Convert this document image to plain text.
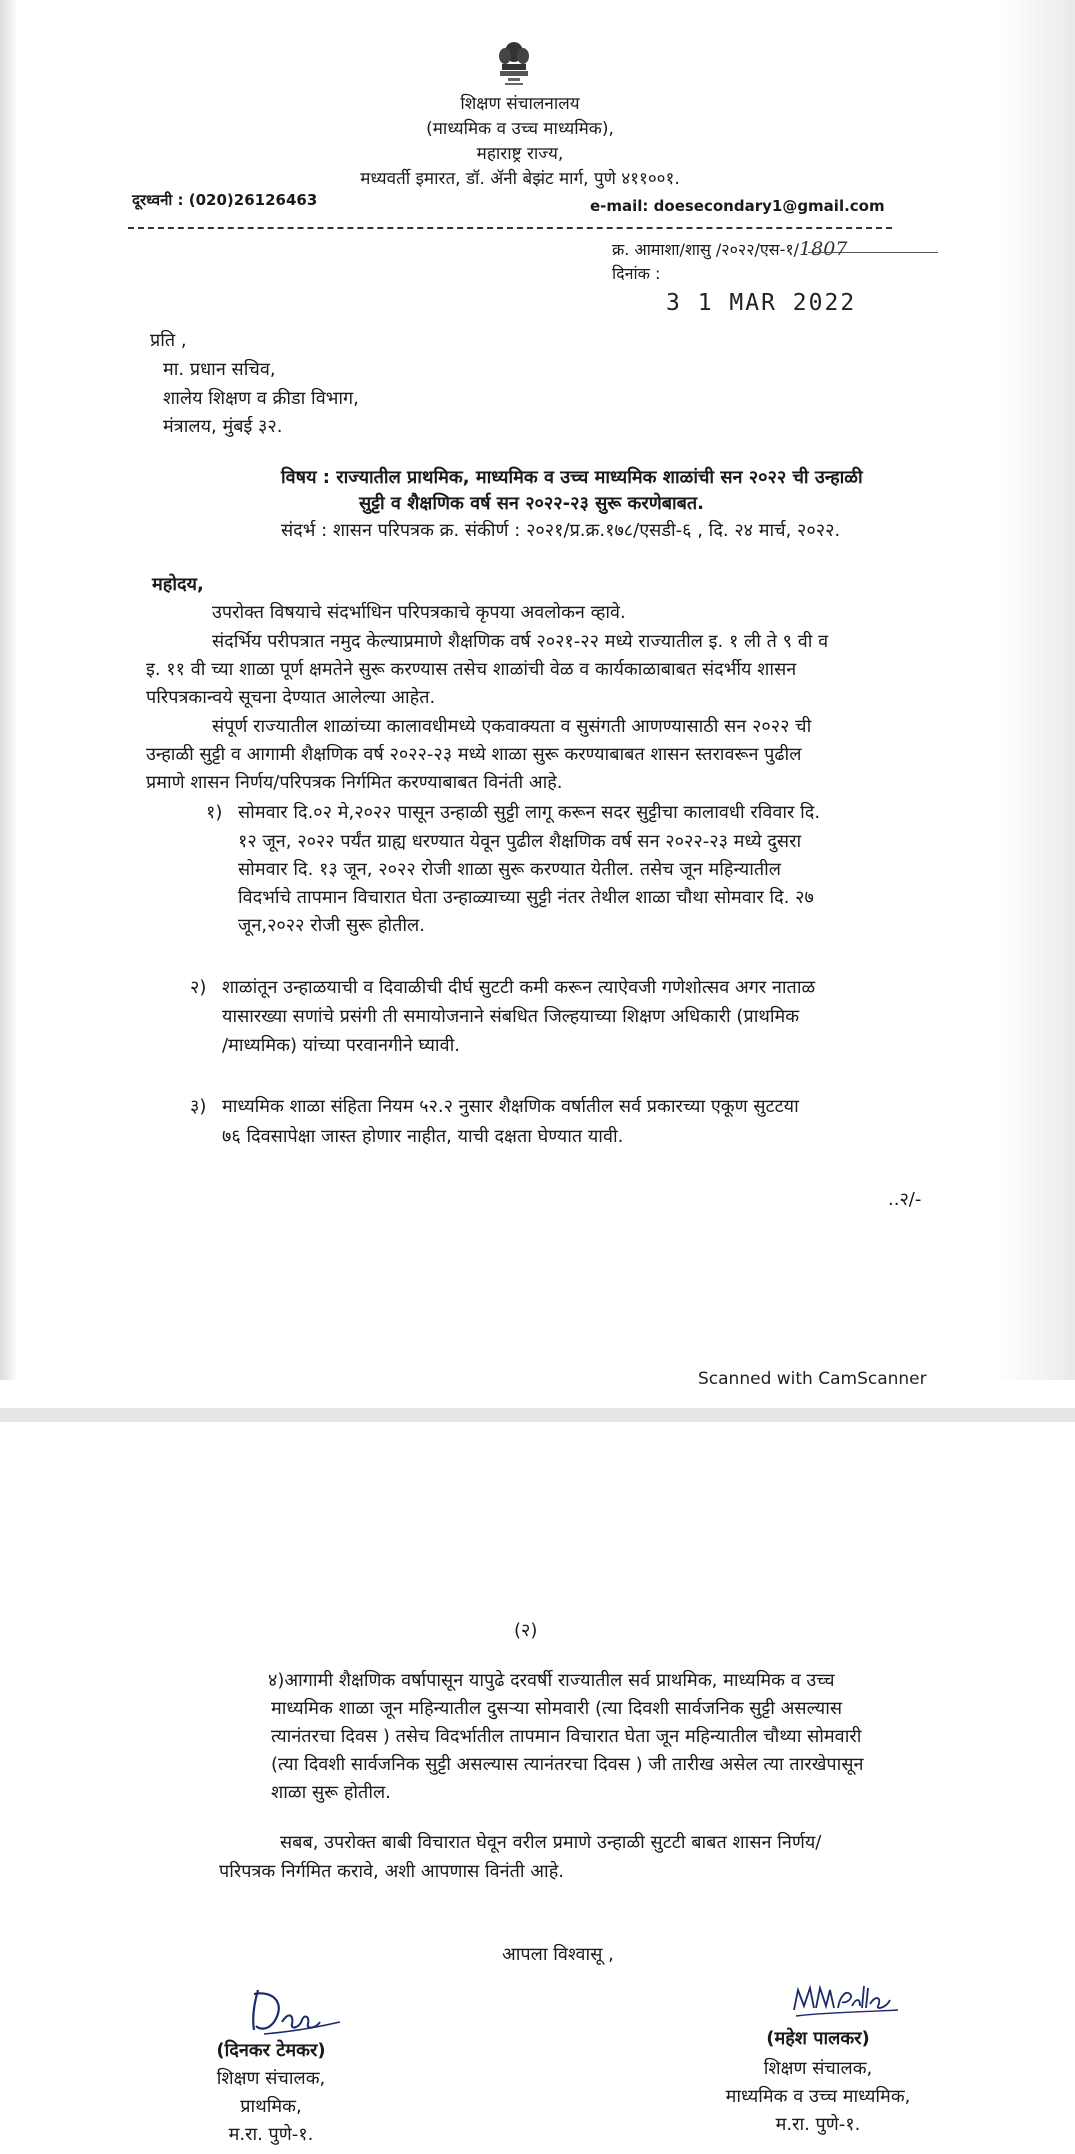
शिक्षण संचालनालय
(माध्यमिक व उच्च माध्यमिक),
महाराष्ट्र राज्य,
मध्यवर्ती इमारत, डॉ. ॲनी बेझंट मार्ग, पुणे ४११००१.
दूरध्वनी : (020)26126463	e-mail: doesecondary1@gmail.com
क्र. आमाशा/शासु /२०२२/एस-१/1807
दिनांक :
3 1 MAR 2022
प्रति ,
मा. प्रधान सचिव,
शालेय शिक्षण व क्रीडा विभाग,
मंत्रालय, मुंबई ३२.
विषय : राज्यातील प्राथमिक, माध्यमिक व उच्च माध्यमिक शाळांची सन २०२२ ची उन्हाळी
सुट्टी व शैक्षणिक वर्ष सन २०२२-२३ सुरू करणेबाबत.
संदर्भ : शासन परिपत्रक क्र. संकीर्ण : २०२१/प्र.क्र.१७८/एसडी-६ , दि. २४ मार्च, २०२२.
महोदय,
उपरोक्त विषयाचे संदर्भाधिन परिपत्रकाचे कृपया अवलोकन व्हावे.
संदर्भिय परीपत्रात नमुद केल्याप्रमाणे शैक्षणिक वर्ष २०२१-२२ मध्ये राज्यातील इ. १ ली ते ९ वी व
इ. ११ वी च्या शाळा पूर्ण क्षमतेने सुरू करण्यास तसेच शाळांची वेळ व कार्यकाळाबाबत संदर्भीय शासन
परिपत्रकान्वये सूचना देण्यात आलेल्या आहेत.
संपूर्ण राज्यातील शाळांच्या कालावधीमध्ये एकवाक्यता व सुसंगती आणण्यासाठी सन २०२२ ची
उन्हाळी सुट्टी व आगामी शैक्षणिक वर्ष २०२२-२३ मध्ये शाळा सुरू करण्याबाबत शासन स्तरावरून पुढील
प्रमाणे शासन निर्णय/परिपत्रक निर्गमित करण्याबाबत विनंती आहे.
१) सोमवार दि.०२ मे,२०२२ पासून उन्हाळी सुट्टी लागू करून सदर सुट्टीचा कालावधी रविवार दि.
१२ जून, २०२२ पर्यंत ग्राह्य धरण्यात येवून पुढील शैक्षणिक वर्ष सन २०२२-२३ मध्ये दुसरा
सोमवार दि. १३ जून, २०२२ रोजी शाळा सुरू करण्यात येतील. तसेच जून महिन्यातील
विदर्भाचे तापमान विचारात घेता उन्हाळ्याच्या सुट्टी नंतर तेथील शाळा चौथा सोमवार दि. २७
जून,२०२२ रोजी सुरू होतील.
२) शाळांतून उन्हाळयाची व दिवाळीची दीर्घ सुटटी कमी करून त्याऐवजी गणेशोत्सव अगर नाताळ
यासारख्या सणांचे प्रसंगी ती समायोजनाने संबधित जिल्हयाच्या शिक्षण अधिकारी (प्राथमिक
/माध्यमिक) यांच्या परवानगीने घ्यावी.
३) माध्यमिक शाळा संहिता नियम ५२.२ नुसार शैक्षणिक वर्षातील सर्व प्रकारच्या एकूण सुटटया
७६ दिवसापेक्षा जास्त होणार नाहीत, याची दक्षता घेण्यात यावी.
..२/-
Scanned with CamScanner
(२)
४)आगामी शैक्षणिक वर्षापासून यापुढे दरवर्षी राज्यातील सर्व प्राथमिक, माध्यमिक व उच्च
माध्यमिक शाळा जून महिन्यातील दुसऱ्या सोमवारी (त्या दिवशी सार्वजनिक सुट्टी असल्यास
त्यानंतरचा दिवस ) तसेच विदर्भातील तापमान विचारात घेता जून महिन्यातील चौथ्या सोमवारी
(त्या दिवशी सार्वजनिक सुट्टी असल्यास त्यानंतरचा दिवस ) जी तारीख असेल त्या तारखेपासून
शाळा सुरू होतील.
सबब, उपरोक्त बाबी विचारात घेवून वरील प्रमाणे उन्हाळी सुटटी बाबत शासन निर्णय/
परिपत्रक निर्गमित करावे, अशी आपणास विनंती आहे.
आपला विश्वासू ,
(दिनकर टेमकर)
शिक्षण संचालक,
प्राथमिक,
म.रा. पुणे-१.
(महेश पालकर)
शिक्षण संचालक,
माध्यमिक व उच्च माध्यमिक,
म.रा. पुणे-१.
